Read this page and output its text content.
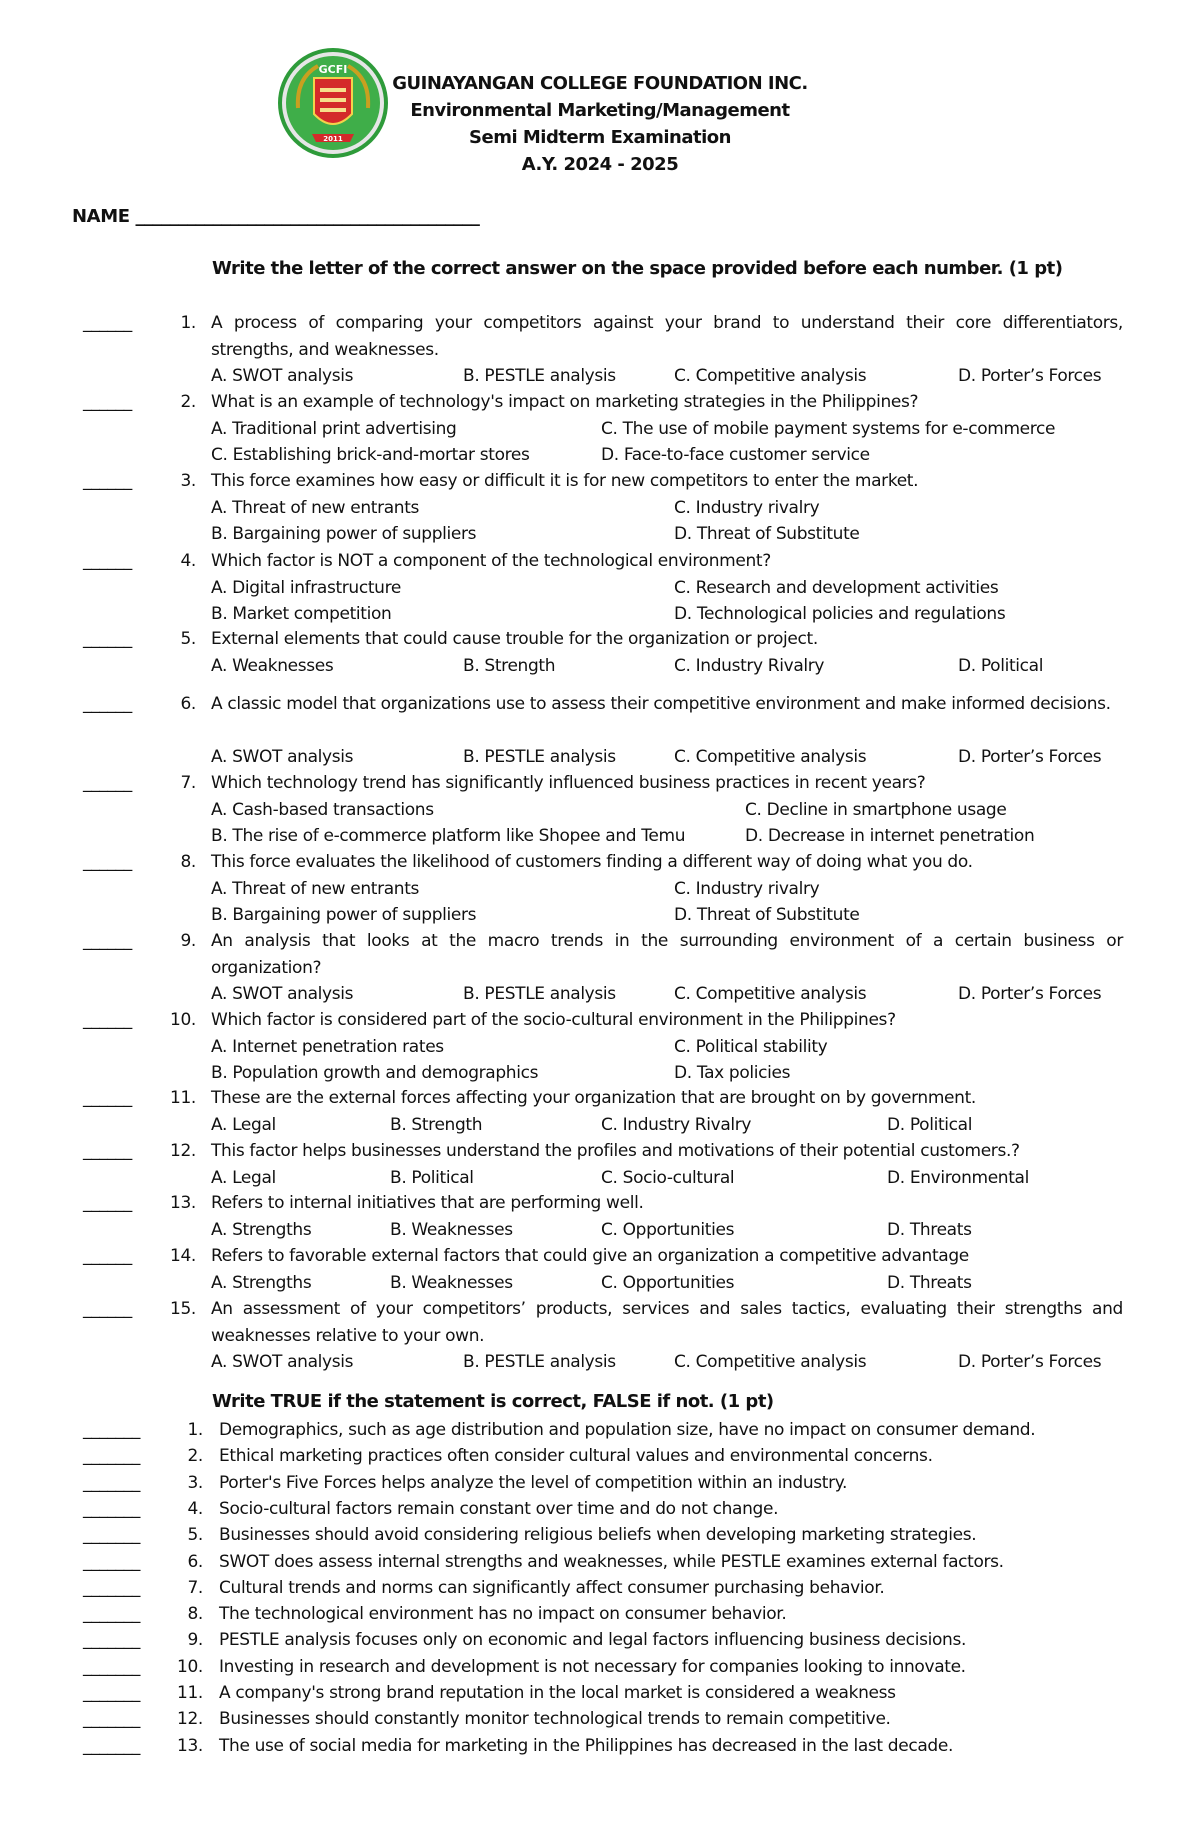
GCFI
2011
GUINAYANGAN COLLEGE FOUNDATION INC.
Environmental Marketing/Management
Semi Midterm Examination
A.Y. 2024 - 2025
NAME ________________________________________
Write the letter of the correct answer on the space provided before each number. (1 pt)
______	1. A process of comparing your competitors against your brand to understand their core differentiators, strengths, and weaknesses.
A. SWOT analysis	B. PESTLE analysis	C. Competitive analysis	D. Porter’s Forces
______	2. What is an example of technology's impact on marketing strategies in the Philippines?
A. Traditional print advertising	C. The use of mobile payment systems for e-commerce
C. Establishing brick-and-mortar stores	D. Face-to-face customer service
______	3. This force examines how easy or difficult it is for new competitors to enter the market.
A. Threat of new entrants	C. Industry rivalry
B. Bargaining power of suppliers	D. Threat of Substitute
______	4. Which factor is NOT a component of the technological environment?
A. Digital infrastructure	C. Research and development activities
B. Market competition	D. Technological policies and regulations
______	5. External elements that could cause trouble for the organization or project.
A. Weaknesses	B. Strength	C. Industry Rivalry	D. Political
______	6. A classic model that organizations use to assess their competitive environment and make informed decisions.
A. SWOT analysis	B. PESTLE analysis	C. Competitive analysis	D. Porter’s Forces
______	7. Which technology trend has significantly influenced business practices in recent years?
A. Cash-based transactions	C. Decline in smartphone usage
B. The rise of e-commerce platform like Shopee and Temu	D. Decrease in internet penetration
______	8. This force evaluates the likelihood of customers finding a different way of doing what you do.
A. Threat of new entrants	C. Industry rivalry
B. Bargaining power of suppliers	D. Threat of Substitute
______	9. An analysis that looks at the macro trends in the surrounding environment of a certain business or organization?
A. SWOT analysis	B. PESTLE analysis	C. Competitive analysis	D. Porter’s Forces
______	10. Which factor is considered part of the socio-cultural environment in the Philippines?
A. Internet penetration rates	C. Political stability
B. Population growth and demographics	D. Tax policies
______	11. These are the external forces affecting your organization that are brought on by government.
A. Legal	B. Strength	C. Industry Rivalry	D. Political
______	12. This factor helps businesses understand the profiles and motivations of their potential customers.?
A. Legal	B. Political	C. Socio-cultural	D. Environmental
______	13. Refers to internal initiatives that are performing well.
A. Strengths	B. Weaknesses	C. Opportunities	D. Threats
______	14. Refers to favorable external factors that could give an organization a competitive advantage
A. Strengths	B. Weaknesses	C. Opportunities	D. Threats
______	15. An assessment of your competitors’ products, services and sales tactics, evaluating their strengths and weaknesses relative to your own.
A. SWOT analysis	B. PESTLE analysis	C. Competitive analysis	D. Porter’s Forces
Write TRUE if the statement is correct, FALSE if not. (1 pt)
_______	1. Demographics, such as age distribution and population size, have no impact on consumer demand.
_______	2. Ethical marketing practices often consider cultural values and environmental concerns.
_______	3. Porter's Five Forces helps analyze the level of competition within an industry.
_______	4. Socio-cultural factors remain constant over time and do not change.
_______	5. Businesses should avoid considering religious beliefs when developing marketing strategies.
_______	6. SWOT does assess internal strengths and weaknesses, while PESTLE examines external factors.
_______	7. Cultural trends and norms can significantly affect consumer purchasing behavior.
_______	8. The technological environment has no impact on consumer behavior.
_______	9. PESTLE analysis focuses only on economic and legal factors influencing business decisions.
_______	10. Investing in research and development is not necessary for companies looking to innovate.
_______	11. A company's strong brand reputation in the local market is considered a weakness
_______	12. Businesses should constantly monitor technological trends to remain competitive.
_______	13. The use of social media for marketing in the Philippines has decreased in the last decade.
